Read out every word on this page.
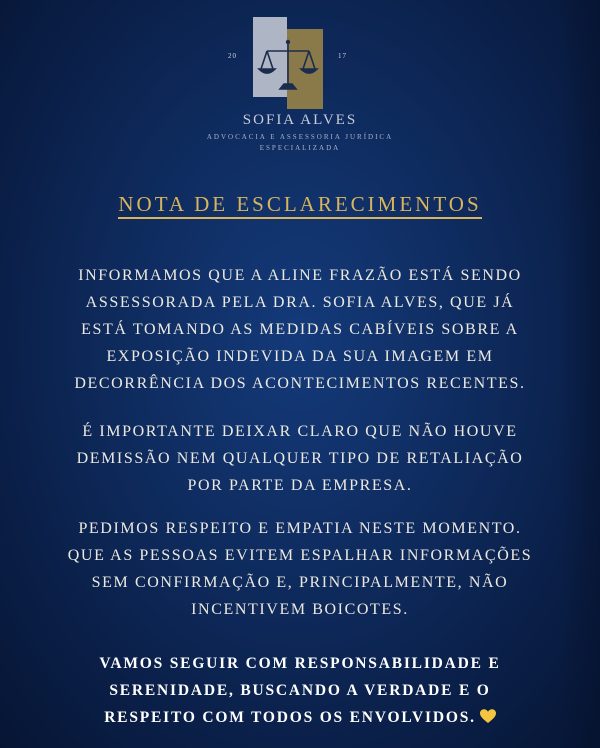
20	17
SOFIA ALVES
ADVOCACIA E ASSESSORIA JURÍDICA
ESPECIALIZADA
NOTA DE ESCLARECIMENTOS
INFORMAMOS QUE A ALINE FRAZÃO ESTÁ SENDO
ASSESSORADA PELA DRA. SOFIA ALVES, QUE JÁ
ESTÁ TOMANDO AS MEDIDAS CABÍVEIS SOBRE A
EXPOSIÇÃO INDEVIDA DA SUA IMAGEM EM
DECORRÊNCIA DOS ACONTECIMENTOS RECENTES.
É IMPORTANTE DEIXAR CLARO QUE NÃO HOUVE
DEMISSÃO NEM QUALQUER TIPO DE RETALIAÇÃO
POR PARTE DA EMPRESA.
PEDIMOS RESPEITO E EMPATIA NESTE MOMENTO.
QUE AS PESSOAS EVITEM ESPALHAR INFORMAÇÕES
SEM CONFIRMAÇÃO E, PRINCIPALMENTE, NÃO
INCENTIVEM BOICOTES.
VAMOS SEGUIR COM RESPONSABILIDADE E
SERENIDADE, BUSCANDO A VERDADE E O
RESPEITO COM TODOS OS ENVOLVIDOS.
